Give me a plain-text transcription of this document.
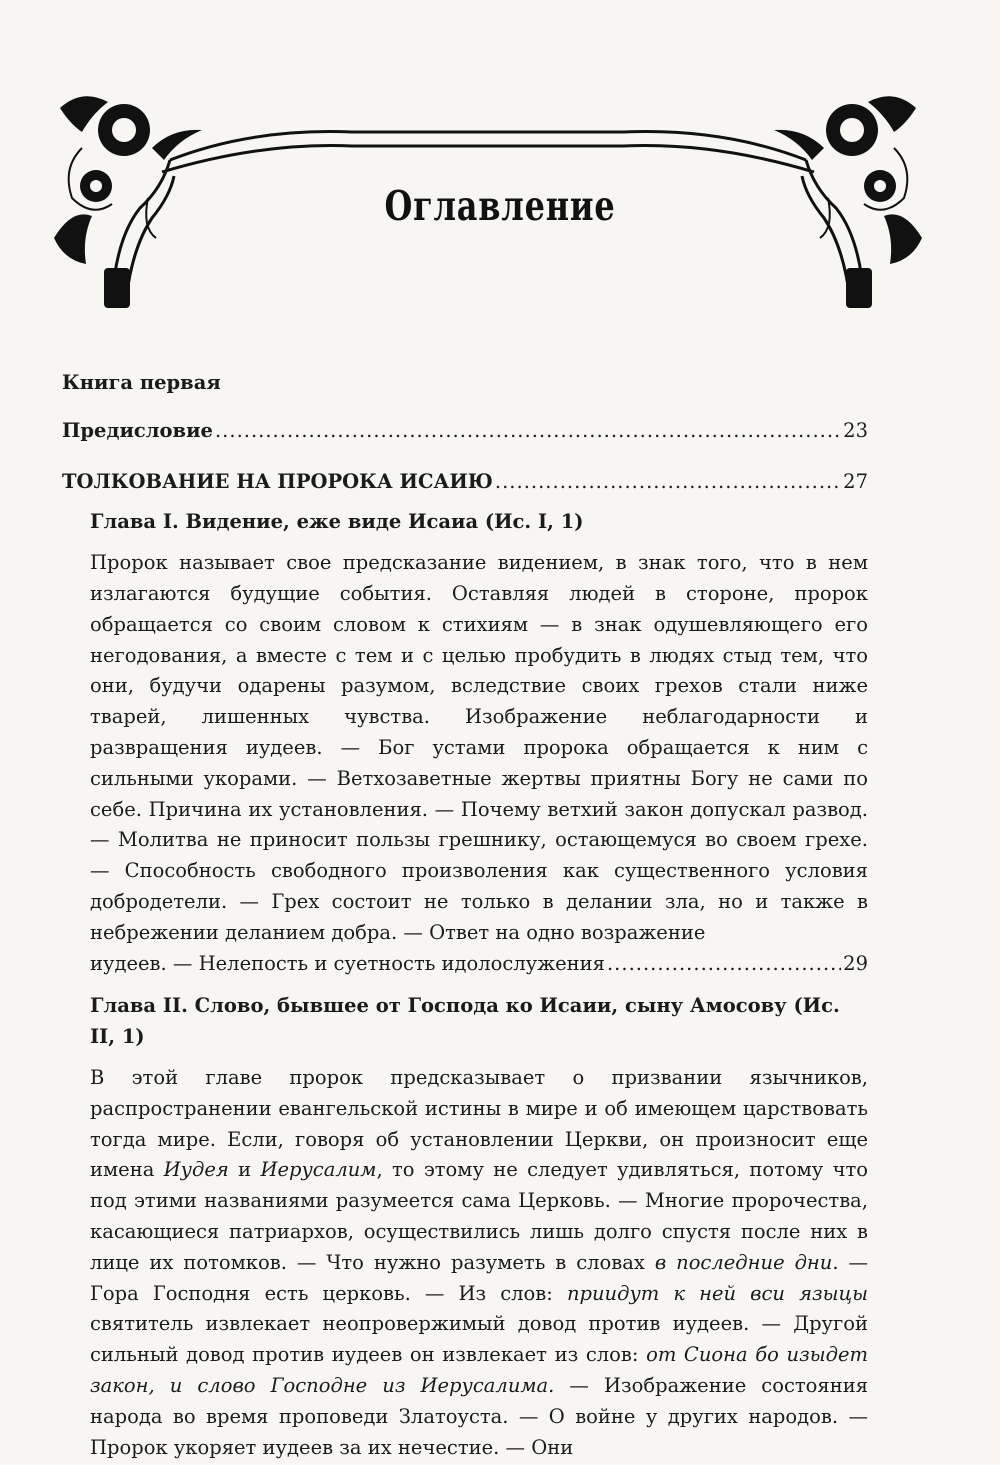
Оглавление
Книга первая
Предисловие .....	23
ТОЛКОВАНИЕ НА ПРОРОКА ИСАИЮ .....	27
Глава I. Видение, еже виде Исаиа (Ис. I, 1)

Пророк называет свое предсказание видением, в знак того, что в нем излагаются будущие события. Оставляя людей в стороне, пророк обращается со своим словом к стихиям — в знак одушевляющего его негодования, а вместе с тем и с целью пробудить в людях стыд тем, что они, будучи одарены разумом, вследствие своих грехов стали ниже тварей, лишенных чувства. Изображение неблагодарности и развращения иудеев. — Бог устами пророка обращается к ним с сильными укорами. — Ветхозаветные жертвы приятны Богу не сами по себе. Причина их установления. — Почему ветхий закон допускал развод. — Молитва не приносит пользы грешнику, остающемуся во своем грехе. — Способность свободного произволения как существенного условия добродетели. — Грех состоит не только в делании зла, но и также в небрежении деланием добра. — Ответ на одно возражение

иудеев. — Нелепость и суетность идолослужения .....	29
Глава II. Слово, бывшее от Господа ко Исаии, сыну Амосову (Ис. II, 1)

В этой главе пророк предсказывает о призвании язычников, распространении евангельской истины в мире и об имеющем царствовать тогда мире. Если, говоря об установлении Церкви, он произносит еще имена Иудея и Иерусалим, то этому не следует удивляться, потому что под этими названиями разумеется сама Церковь. — Многие пророчества, касающиеся патриархов, осуществились лишь долго спустя после них в лице их потомков. — Что нужно разуметь в словах в последние дни. — Гора Господня есть церковь. — Из слов: приидут к ней вси языцы святитель извлекает неопровержимый довод против иудеев. — Другой сильный довод против иудеев он извлекает из слов: от Сиона бо изыдет закон, и слово Господне из Иерусалима. — Изображение состояния народа во время проповеди Златоуста. — О войне у других народов. — Пророк укоряет иудеев за их нечестие. — Они
